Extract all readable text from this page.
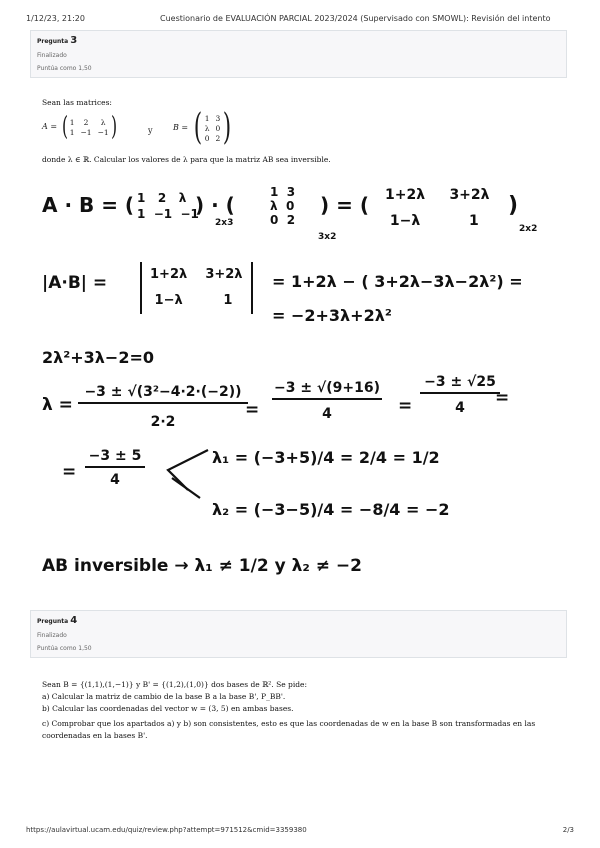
1/12/23, 21:20	Cuestionario de EVALUACIÓN PARCIAL 2023/2024 (Supervisado con SMOWL): Revisión del intento
Pregunta 3
Finalizado
Puntúa como 1,50
Sean las matrices:
A = ( 1	2	λ
1 −1 −1 )	y	B = ( 1 3
λ 0
0 2 )
donde λ ∈ ℝ. Calcular los valores de λ para que la matriz AB sea inversible.
A · B = ( 1   2   λ
1  −1  −1
) · (
2x3
1  3
λ  0
0  2
3x2
) = ( 1+2λ     3+2λ
1−λ          1
)
2x2
|A·B| =	1+2λ    3+2λ
1−λ         1
= 1+2λ − ( 3+2λ−3λ−2λ²) =
= −2+3λ+2λ²
2λ²+3λ−2=0
λ =
−3 ± √(3²−4·2·(−2))
2·2
=
−3 ± √(9+16)
4	=
−3 ± √25
4	=
=
−3 ± 5
4
λ₁ = (−3+5)/4 = 2/4 = 1/2
λ₂ = (−3−5)/4 = −8/4 = −2
AB inversible → λ₁ ≠ 1/2 y λ₂ ≠ −2
Pregunta 4
Finalizado
Puntúa como 1,50
Sean B = {(1,1),(1,−1)} y B' = {(1,2),(1,0)} dos bases de ℝ². Se pide:
a) Calcular la matriz de cambio de la base B a la base B', P_BB'.
b) Calcular las coordenadas del vector w = (3, 5) en ambas bases.
c) Comprobar que los apartados a) y b) son consistentes, esto es que las coordenadas de w en la base B son transformadas en las
coordenadas en la bases B'.
https://aulavirtual.ucam.edu/quiz/review.php?attempt=971512&cmid=3359380	2/3
